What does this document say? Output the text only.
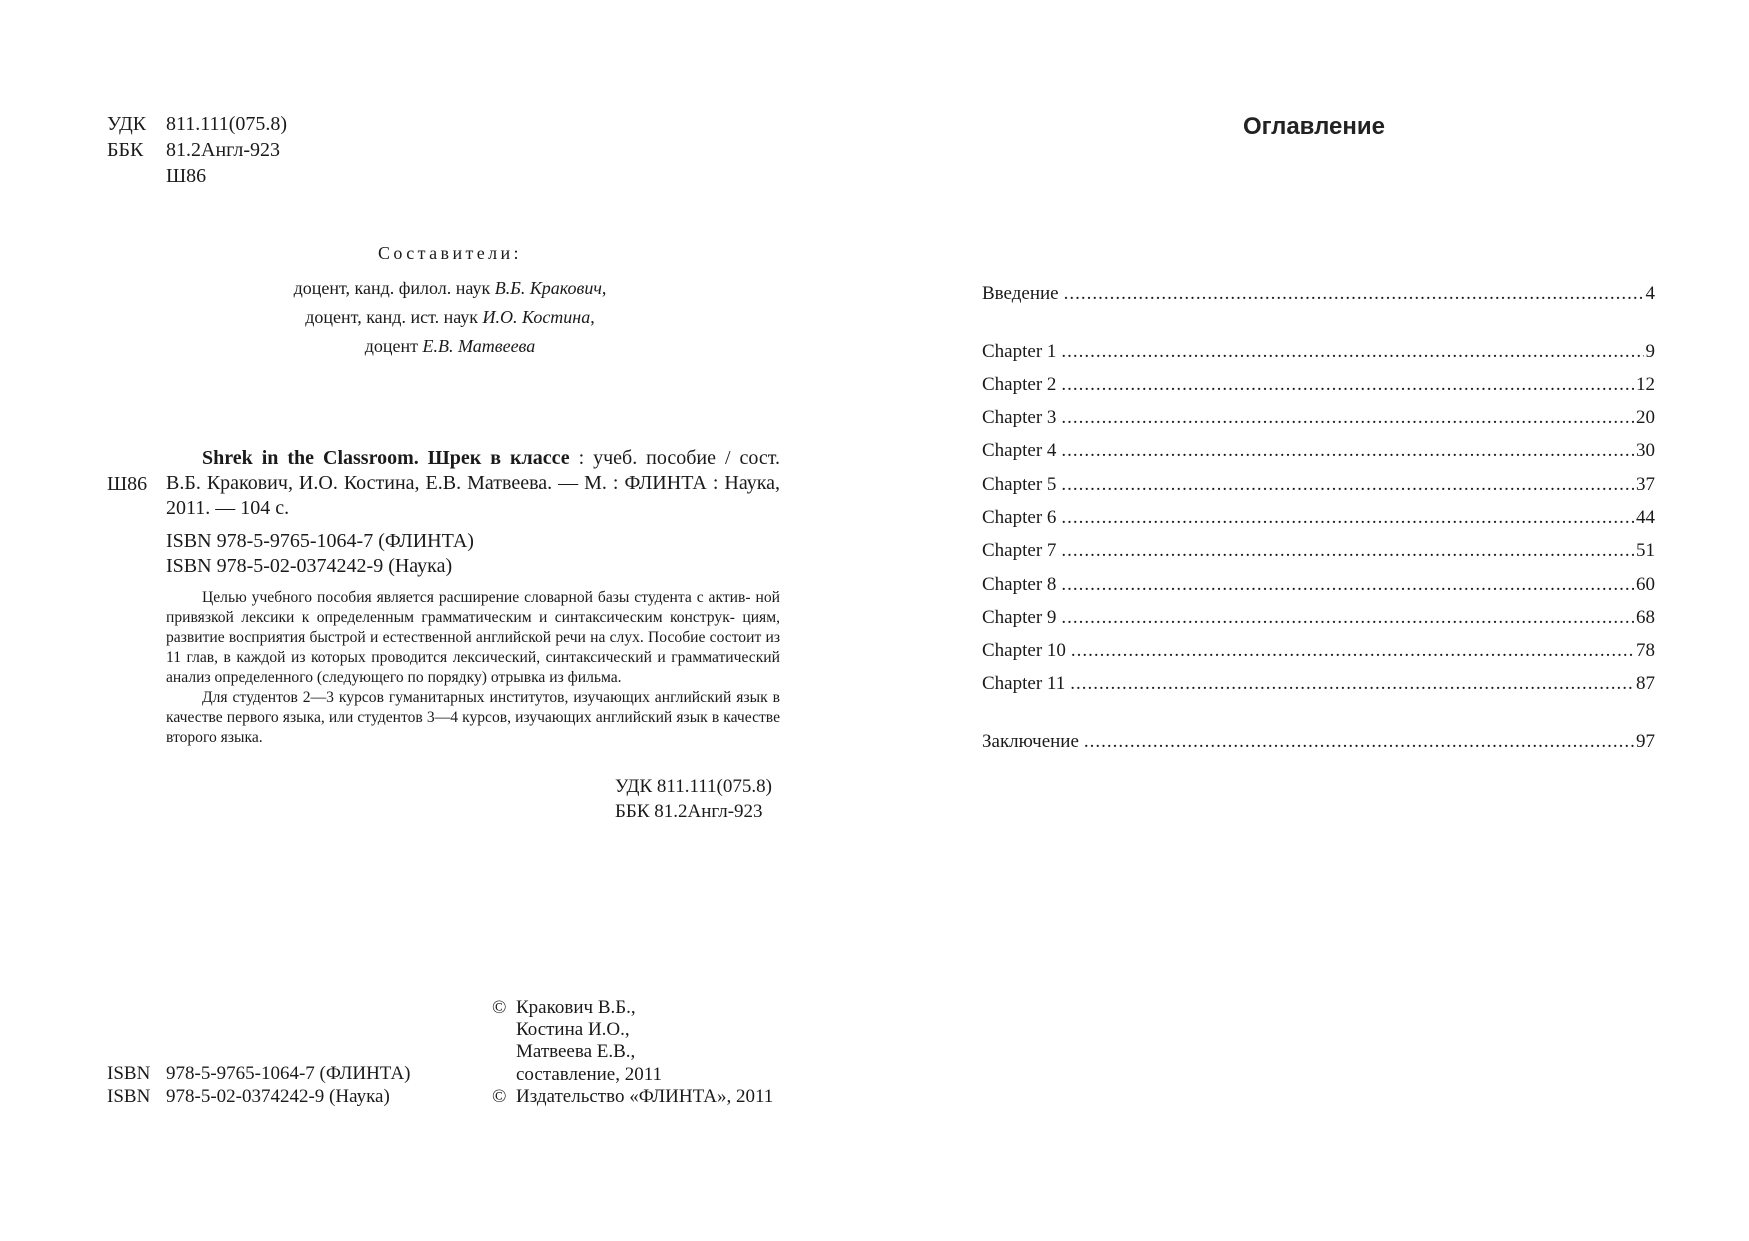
УДК 811.111(075.8)
ББК 81.2Англ-923
Ш86
Составители:
доцент, канд. филол. наук В.Б. Кракович,
доцент, канд. ист. наук И.О. Костина,
доцент Е.В. Матвеева
Ш86

Shrek in the Classroom. Шрек в классе : учеб. пособие / сост.

В.Б. Кракович, И.О. Костина, Е.В. Матвеева. — М. : ФЛИНТА : Наука,

2011. — 104 с.

ISBN 978-5-9765-1064-7 (ФЛИНТА)

ISBN 978-5-02-0374242-9 (Наука)

Целью учебного пособия является расширение словарной базы студента с актив- ной привязкой лексики к определенным грамматическим и синтаксическим конструк- циям, развитие восприятия быстрой и естественной английской речи на слух. Пособие состоит из 11 глав, в каждой из которых проводится лексический, синтаксический и грамматический анализ определенного (следующего по порядку) отрывка из фильма.

Для студентов 2—3 курсов гуманитарных институтов, изучающих английский язык в качестве первого языка, или студентов 3—4 курсов, изучающих английский язык в качестве второго языка.

УДК 811.111(075.8)
ББК 81.2Англ-923
ISBN 978-5-9765-1064-7 (ФЛИНТА)
ISBN 978-5-02-0374242-9 (Наука)
© Кракович В.Б.,
Костина И.О.,
Матвеева Е.В.,
составление, 2011
© Издательство «ФЛИНТА», 2011
Оглавление
Введение .....	4
Chapter 1 .....	9
Chapter 2 .....	12
Chapter 3 .....	20
Chapter 4 .....	30
Chapter 5 .....	37
Chapter 6 .....	44
Chapter 7 .....	51
Chapter 8 .....	60
Chapter 9 .....	68
Chapter 10 .....	78
Chapter 11 .....	87
Заключение .....	97
